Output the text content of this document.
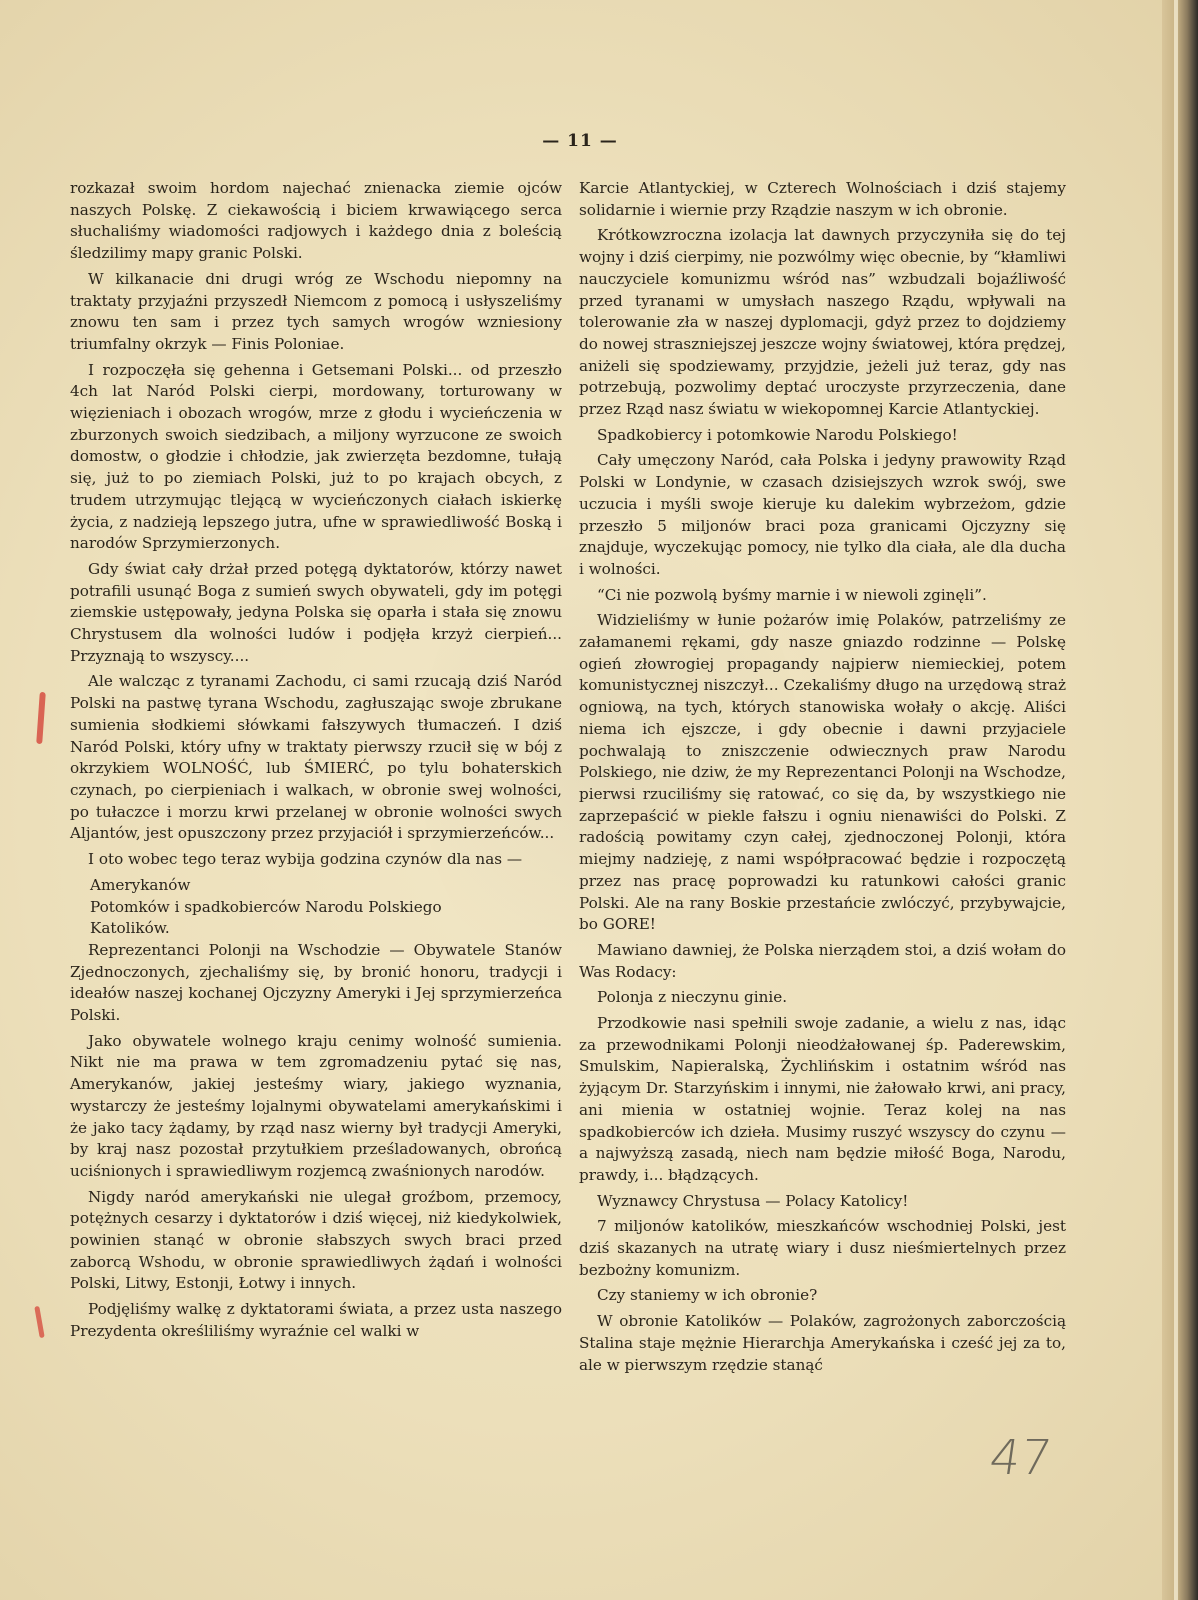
— 11 —

rozkazał swoim hordom najechać znienacka ziemie ojców naszych Polskę. Z ciekawością i biciem krwawiącego serca słuchaliśmy wiadomości radjowych i każdego dnia z boleścią śledzilimy mapy granic Polski.

W kilkanacie dni drugi wróg ze Wschodu niepomny na traktaty przyjaźni przyszedł Niemcom z pomocą i usłyszeliśmy znowu ten sam i przez tych samych wrogów wzniesiony triumfalny okrzyk — Finis Poloniae.

I rozpoczęła się gehenna i Getsemani Polski... od przeszło 4ch lat Naród Polski cierpi, mordowany, torturowany w więzieniach i obozach wrogów, mrze z głodu i wycieńczenia w zburzonych swoich siedzibach, a miljony wyrzucone ze swoich domostw, o głodzie i chłodzie, jak zwierzęta bezdomne, tułają się, już to po ziemiach Polski, już to po krajach obcych, z trudem utrzymując tlejącą w wycieńczonych ciałach iskierkę życia, z nadzieją lepszego jutra, ufne w sprawiedliwość Boską i narodów Sprzymierzonych.

Gdy świat cały drżał przed potęgą dyktatorów, którzy nawet potrafili usunąć Boga z sumień swych obywateli, gdy im potęgi ziemskie ustępowały, jedyna Polska się oparła i stała się znowu Chrystusem dla wolności ludów i podjęła krzyż cierpień... Przyznają to wszyscy....

Ale walcząc z tyranami Zachodu, ci sami rzucają dziś Naród Polski na pastwę tyrana Wschodu, zagłuszając swoje zbrukane sumienia słodkiemi słówkami fałszywych tłumaczeń. I dziś Naród Polski, który ufny w traktaty pierwszy rzucił się w bój z okrzykiem WOLNOŚĆ, lub ŚMIERĆ, po tylu bohaterskich czynach, po cierpieniach i walkach, w obronie swej wolności, po tułaczce i morzu krwi przelanej w obronie wolności swych Aljantów, jest opuszczony przez przyjaciół i sprzymierzeńców...

I oto wobec tego teraz wybija godzina czynów dla nas —

Amerykanów

Potomków i spadkobierców Narodu Polskiego

Katolików.

Reprezentanci Polonji na Wschodzie — Obywatele Stanów Zjednoczonych, zjechaliśmy się, by bronić honoru, tradycji i ideałów naszej kochanej Ojczyzny Ameryki i Jej sprzymierzeńca Polski.

Jako obywatele wolnego kraju cenimy wolność sumienia. Nikt nie ma prawa w tem zgromadzeniu pytać się nas, Amerykanów, jakiej jesteśmy wiary, jakiego wyznania, wystarczy że jesteśmy lojalnymi obywatelami amerykańskimi i że jako tacy żądamy, by rząd nasz wierny był tradycji Ameryki, by kraj nasz pozostał przytułkiem prześladowanych, obrońcą uciśnionych i sprawiedliwym rozjemcą zwaśnionych narodów.

Nigdy naród amerykański nie ulegał groźbom, przemocy, potężnych cesarzy i dyktatorów i dziś więcej, niż kiedykolwiek, powinien stanąć w obronie słabszych swych braci przed zaborcą Wshodu, w obronie sprawiedliwych żądań i wolności Polski, Litwy, Estonji, Łotwy i innych.

Podjęliśmy walkę z dyktatorami świata, a przez usta naszego Prezydenta określiliśmy wyraźnie cel walki w

Karcie Atlantyckiej, w Czterech Wolnościach i dziś stajemy solidarnie i wiernie przy Rządzie naszym w ich obronie.

Krótkowzroczna izolacja lat dawnych przyczyniła się do tej wojny i dziś cierpimy, nie pozwólmy więc obecnie, by “kłamliwi nauczyciele komunizmu wśród nas” wzbudzali bojaźliwość przed tyranami w umysłach naszego Rządu, wpływali na tolerowanie zła w naszej dyplomacji, gdyż przez to dojdziemy do nowej straszniejszej jeszcze wojny światowej, która prędzej, aniżeli się spodziewamy, przyjdzie, jeżeli już teraz, gdy nas potrzebują, pozwolimy deptać uroczyste przyrzeczenia, dane przez Rząd nasz światu w wiekopomnej Karcie Atlantyckiej.

Spadkobiercy i potomkowie Narodu Polskiego!

Cały umęczony Naród, cała Polska i jedyny prawowity Rząd Polski w Londynie, w czasach dzisiejszych wzrok swój, swe uczucia i myśli swoje kieruje ku dalekim wybrzeżom, gdzie przeszło 5 miljonów braci poza granicami Ojczyzny się znajduje, wyczekując pomocy, nie tylko dla ciała, ale dla ducha i wolności.

“Ci nie pozwolą byśmy marnie i w niewoli zginęli”.

Widzieliśmy w łunie pożarów imię Polaków, patrzeliśmy ze załamanemi rękami, gdy nasze gniazdo rodzinne — Polskę ogień złowrogiej propagandy najpierw niemieckiej, potem komunistycznej niszczył... Czekaliśmy długo na urzędową straż ogniową, na tych, których stanowiska wołały o akcję. Aliści niema ich ejszcze, i gdy obecnie i dawni przyjaciele pochwalają to zniszczenie odwiecznych praw Narodu Polskiego, nie dziw, że my Reprezentanci Polonji na Wschodze, pierwsi rzuciliśmy się ratować, co się da, by wszystkiego nie zaprzepaścić w piekle fałszu i ogniu nienawiści do Polski. Z radością powitamy czyn całej, zjednoczonej Polonji, która miejmy nadzieję, z nami współpracować będzie i rozpoczętą przez nas pracę poprowadzi ku ratunkowi całości granic Polski. Ale na rany Boskie przestańcie zwlóczyć, przybywajcie, bo GORE!

Mawiano dawniej, że Polska nierządem stoi, a dziś wołam do Was Rodacy:

Polonja z nieczynu ginie.

Przodkowie nasi spełnili swoje zadanie, a wielu z nas, idąc za przewodnikami Polonji nieodżałowanej śp. Paderewskim, Smulskim, Napieralską, Żychlińskim i ostatnim wśród nas żyjącym Dr. Starzyńskim i innymi, nie żałowało krwi, ani pracy, ani mienia w ostatniej wojnie. Teraz kolej na nas spadkobierców ich dzieła. Musimy ruszyć wszyscy do czynu — a najwyższą zasadą, niech nam będzie miłość Boga, Narodu, prawdy, i... błądzących.

Wyznawcy Chrystusa — Polacy Katolicy!

7 miljonów katolików, mieszkańców wschodniej Polski, jest dziś skazanych na utratę wiary i dusz nieśmiertelnych przez bezbożny komunizm.

Czy staniemy w ich obronie?

W obronie Katolików — Polaków, zagrożonych zaborczością Stalina staje mężnie Hierarchja Amerykańska i cześć jej za to, ale w pierwszym rzędzie stanąć

47
